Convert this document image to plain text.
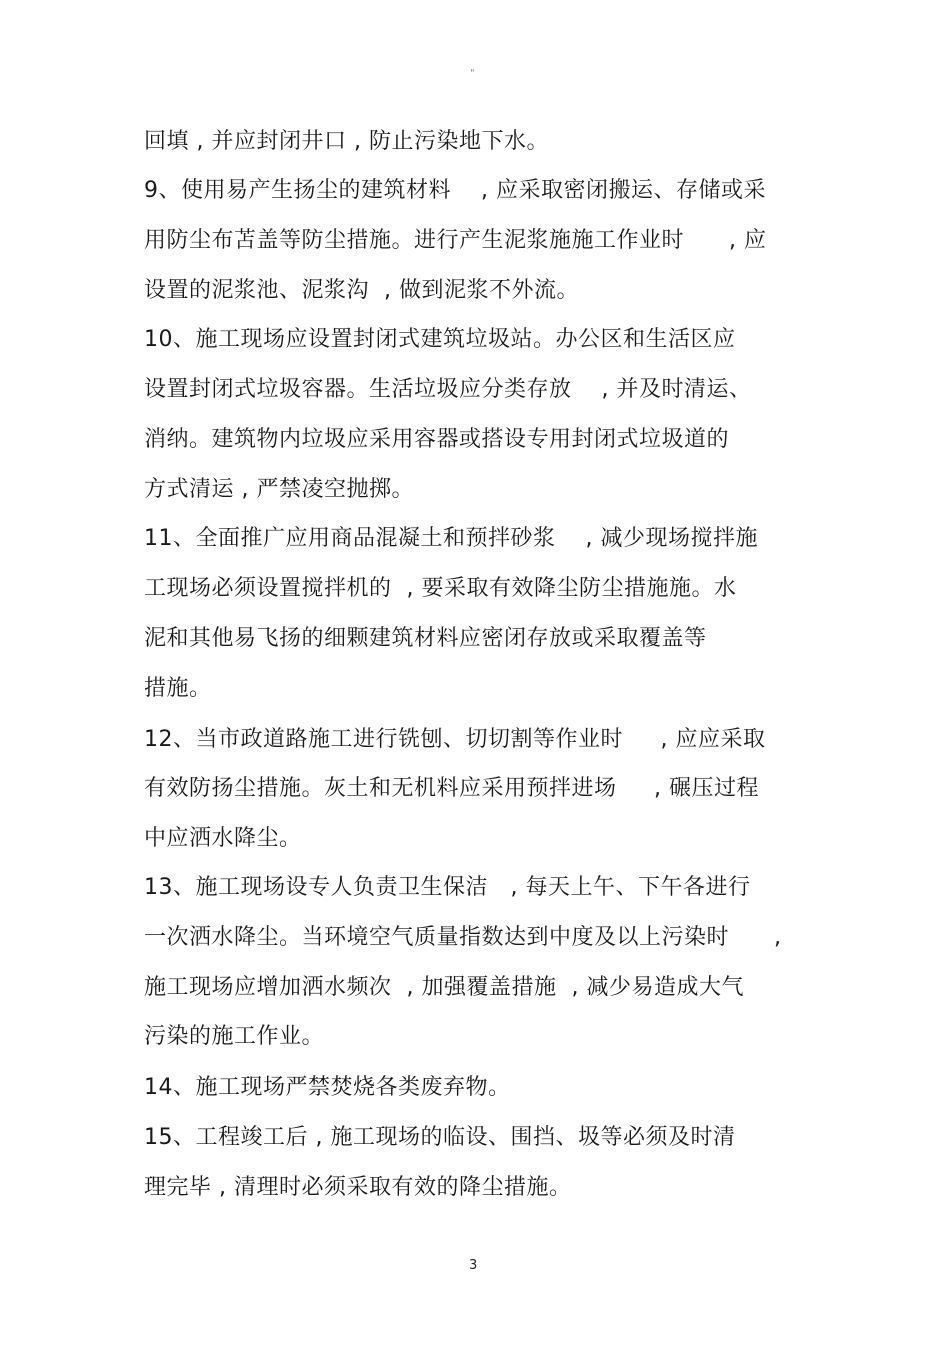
"
回填 , 并应封闭井口 , 防止污染地下水。
9、使用易产生扬尘的建筑材料    , 应采取密闭搬运、存储或采
用防尘布苫盖等防尘措施。进行产生泥浆施施工作业时      , 应
设置的泥浆池、泥浆沟  , 做到泥浆不外流。
10、施工现场应设置封闭式建筑垃圾站。办公区和生活区应
设置封闭式垃圾容器。生活垃圾应分类存放    , 并及时清运、
消纳。建筑物内垃圾应采用容器或搭设专用封闭式垃圾道的
方式清运 , 严禁凌空抛掷。
11、全面推广应用商品混凝土和预拌砂浆    , 减少现场搅拌施
工现场必须设置搅拌机的  , 要采取有效降尘防尘措施施。水
泥和其他易飞扬的细颗建筑材料应密闭存放或采取覆盖等
措施。
12、当市政道路施工进行铣刨、切切割等作业时     , 应应采取
有效防扬尘措施。灰土和无机料应采用预拌进场     , 碾压过程
中应洒水降尘。
13、施工现场设专人负责卫生保洁   , 每天上午、下午各进行
一次洒水降尘。当环境空气质量指数达到中度及以上污染时      ,
施工现场应增加洒水频次  , 加强覆盖措施  , 减少易造成大气
污染的施工作业。
14、施工现场严禁焚烧各类废弃物。
15、工程竣工后 , 施工现场的临设、围挡、圾等必须及时清
理完毕 , 清理时必须采取有效的降尘措施。
3
